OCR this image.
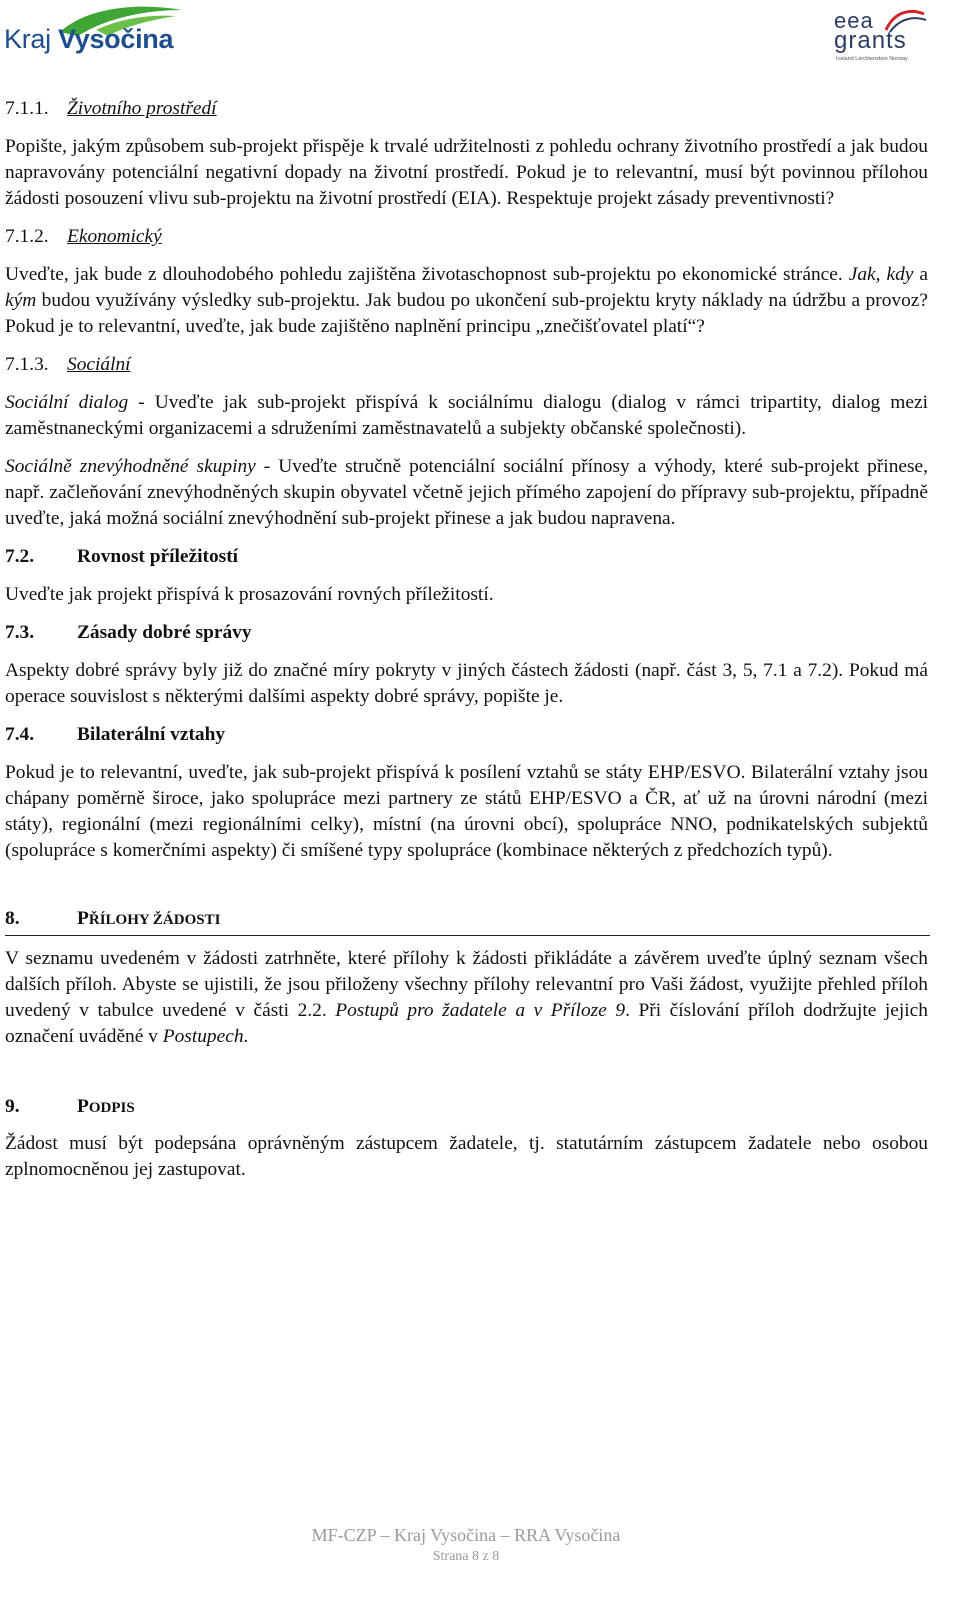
Kraj Vysočina
eea
grants
Iceland Liechtenstein Norway
7.1.1. Životního prostředí

Popište, jakým způsobem sub-projekt přispěje k trvalé udržitelnosti z pohledu ochrany životního prostředí a jak budou napravovány potenciální negativní dopady na životní prostředí. Pokud je to relevantní, musí být povinnou přílohou žádosti posouzení vlivu sub-projektu na životní prostředí (EIA). Respektuje projekt zásady preventivnosti?

7.1.2. Ekonomický

Uveďte, jak bude z dlouhodobého pohledu zajištěna životaschopnost sub-projektu po ekonomické stránce. Jak, kdy a kým budou využívány výsledky sub-projektu. Jak budou po ukončení sub-projektu kryty náklady na údržbu a provoz? Pokud je to relevantní, uveďte, jak bude zajištěno naplnění principu „znečišťovatel platí“?

7.1.3. Sociální

Sociální dialog - Uveďte jak sub-projekt přispívá k sociálnímu dialogu (dialog v rámci tripartity, dialog mezi zaměstnaneckými organizacemi a sdruženími zaměstnavatelů a subjekty občanské společnosti).

Sociálně znevýhodněné skupiny - Uveďte stručně potenciální sociální přínosy a výhody, které sub-projekt přinese, např. začleňování znevýhodněných skupin obyvatel včetně jejich přímého zapojení do přípravy sub-projektu, případně uveďte, jaká možná sociální znevýhodnění sub-projekt přinese a jak budou napravena.

7.2. Rovnost příležitostí

Uveďte jak projekt přispívá k prosazování rovných příležitostí.

7.3. Zásady dobré správy

Aspekty dobré správy byly již do značné míry pokryty v jiných částech žádosti (např. část 3, 5, 7.1 a 7.2). Pokud má operace souvislost s některými dalšími aspekty dobré správy, popište je.

7.4. Bilaterální vztahy

Pokud je to relevantní, uveďte, jak sub-projekt přispívá k posílení vztahů se státy EHP/ESVO. Bilaterální vztahy jsou chápany poměrně široce, jako spolupráce mezi partnery ze států EHP/ESVO a ČR, ať už na úrovni národní (mezi státy), regionální (mezi regionálními celky), místní (na úrovni obcí), spolupráce NNO, podnikatelských subjektů (spolupráce s komerčními aspekty) či smíšené typy spolupráce (kombinace některých z předchozích typů).

8.	PŘÍLOHY ŽÁDOSTI

V seznamu uvedeném v žádosti zatrhněte, které přílohy k žádosti přikládáte a závěrem uveďte úplný seznam všech dalších příloh. Abyste se ujistili, že jsou přiloženy všechny přílohy relevantní pro Vaši žádost, využijte přehled příloh uvedený v tabulce uvedené v části 2.2. Postupů pro žadatele a v Příloze 9. Při číslování příloh dodržujte jejich označení uváděné v Postupech.

9.	PODPIS

Žádost musí být podepsána oprávněným zástupcem žadatele, tj. statutárním zástupcem žadatele nebo osobou zplnomocněnou jej zastupovat.

MF-CZP – Kraj Vysočina – RRA Vysočina
Strana 8 z 8
